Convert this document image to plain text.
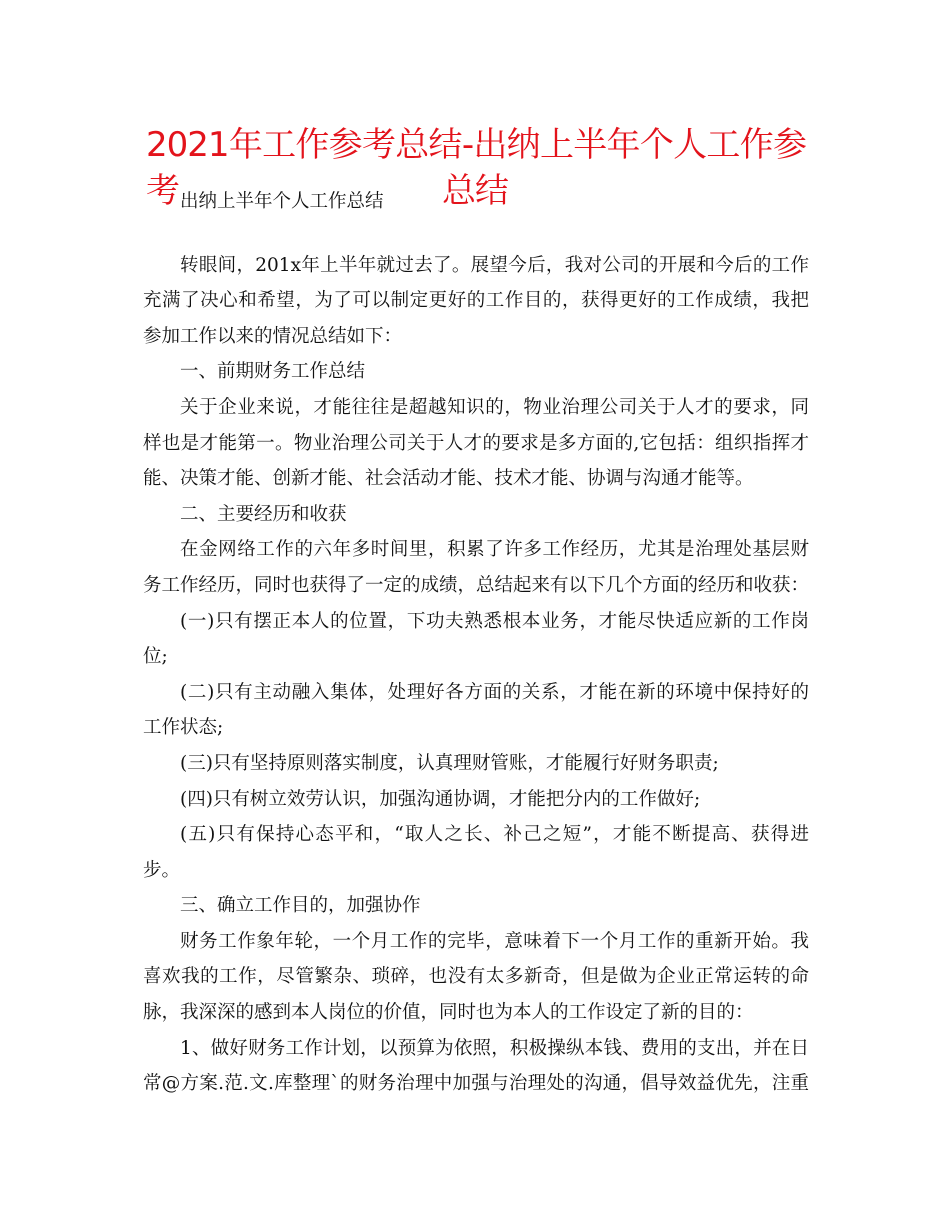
2021年工作参考总结-出纳上半年个人工作参考	总结
出纳上半年个人工作总结
转眼间，201x年上半年就过去了。展望今后，我对公司的开展和今后的工作
充满了决心和希望，为了可以制定更好的工作目的，获得更好的工作成绩，我把
参加工作以来的情况总结如下：
一、前期财务工作总结
关于企业来说，才能往往是超越知识的，物业治理公司关于人才的要求，同
样也是才能第一。物业治理公司关于人才的要求是多方面的,它包括：组织指挥才
能、决策才能、创新才能、社会活动才能、技术才能、协调与沟通才能等。
二、主要经历和收获
在金网络工作的六年多时间里，积累了许多工作经历，尤其是治理处基层财
务工作经历，同时也获得了一定的成绩，总结起来有以下几个方面的经历和收获：
(一)只有摆正本人的位置，下功夫熟悉根本业务，才能尽快适应新的工作岗
位;
(二)只有主动融入集体，处理好各方面的关系，才能在新的环境中保持好的
工作状态;
(三)只有坚持原则落实制度，认真理财管账，才能履行好财务职责;
(四)只有树立效劳认识，加强沟通协调，才能把分内的工作做好;
(五)只有保持心态平和，“取人之长、补己之短”，才能不断提高、获得进
步。
三、确立工作目的，加强协作
财务工作象年轮，一个月工作的完毕，意味着下一个月工作的重新开始。我
喜欢我的工作，尽管繁杂、琐碎，也没有太多新奇，但是做为企业正常运转的命
脉，我深深的感到本人岗位的价值，同时也为本人的工作设定了新的目的：
1、做好财务工作计划，以预算为依照，积极操纵本钱、费用的支出，并在日
常@方案.范.文.库整理`的财务治理中加强与治理处的沟通，倡导效益优先，注重
